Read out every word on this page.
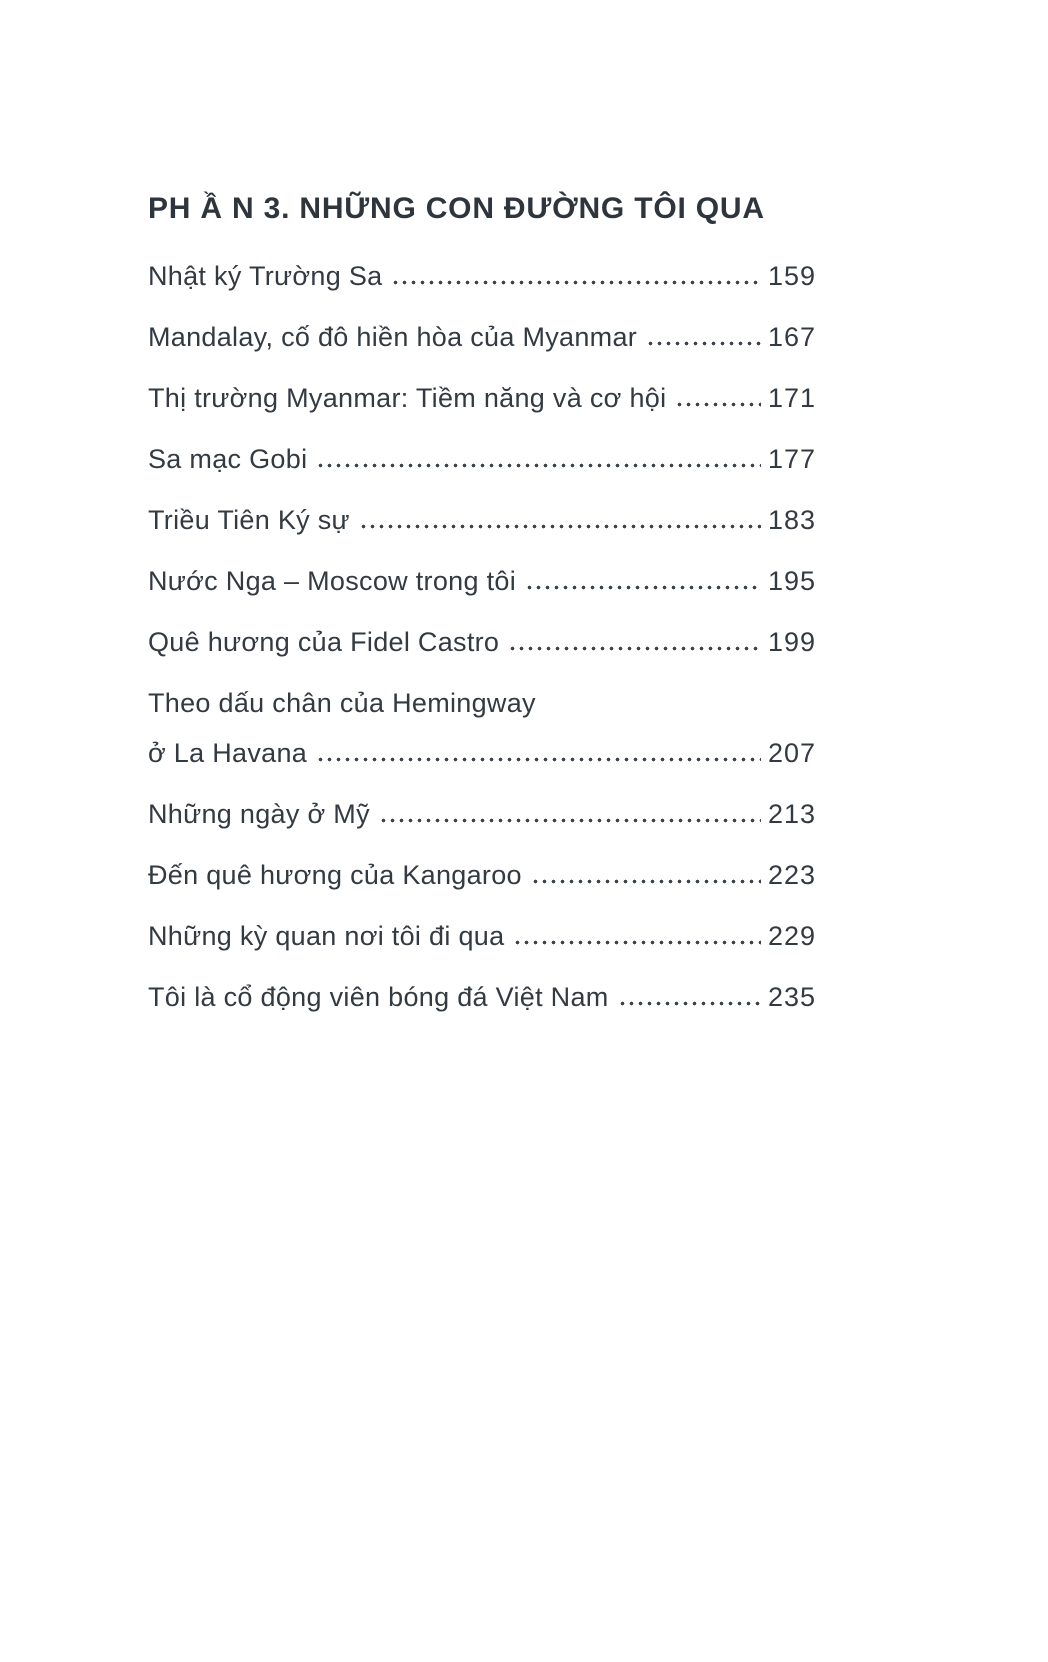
PH Ầ N 3. NHỮNG CON ĐƯỜNG TÔI QUA
Nhật ký Trường Sa	159
Mandalay, cố đô hiền hòa của Myanmar	167
Thị trường Myanmar: Tiềm năng và cơ hội	171
Sa mạc Gobi	177
Triều Tiên Ký sự	183
Nước Nga – Moscow trong tôi	195
Quê hương của Fidel Castro	199
Theo dấu chân của Hemingway
ở La Havana	207
Những ngày ở Mỹ	213
Đến quê hương của Kangaroo	223
Những kỳ quan nơi tôi đi qua	229
Tôi là cổ động viên bóng đá Việt Nam	235
